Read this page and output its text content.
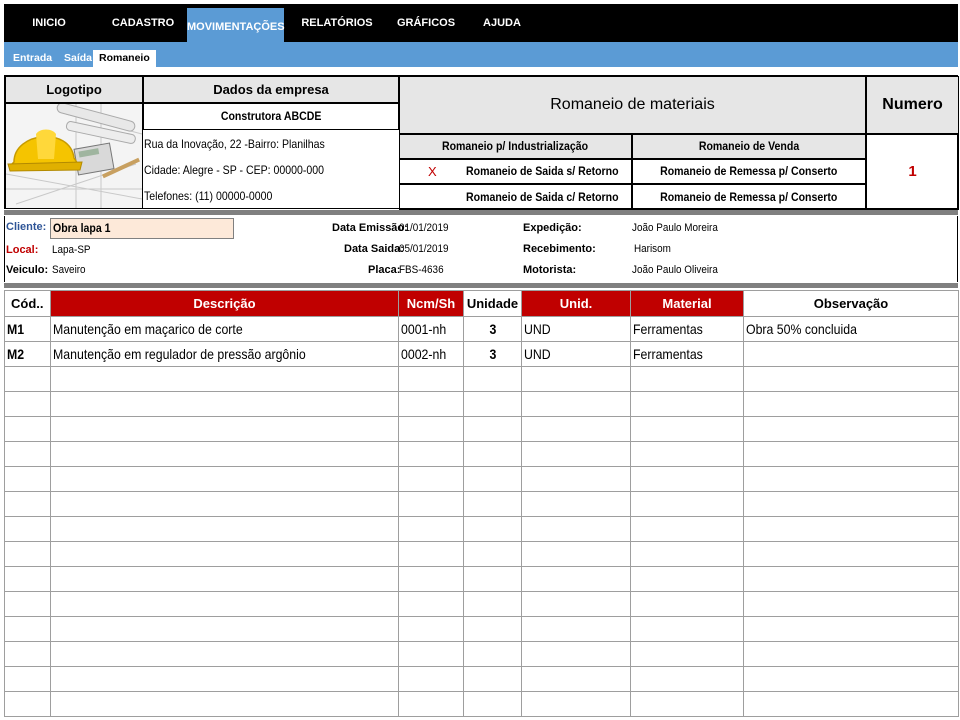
INICIO	CADASTRO	MOVIMENTAÇÕES RELATÓRIOS GRÁFICOS	AJUDA
Entrada Saída Romaneio
Logotipo	Dados da empresa
Construtora ABCDE
Rua da Inovação, 22 -Bairro: Planilhas
Cidade: Alegre - SP - CEP: 00000-000
Telefones: (11) 00000-0000
Romaneio de materiais	Numero
1
Romaneio p/ Industrialização	Romaneio de Venda
X Romaneio de Saida s/ Retorno	Romaneio de Remessa p/ Conserto
Romaneio de Saida c/ Retorno	Romaneio de Remessa p/ Conserto
Cliente: Obra lapa 1
Local: Lapa-SP
Veiculo: Saveiro
Data Emissão:
01/01/2019
Data Saida:
05/01/2019
Placa:
FBS-4636
Expedição:	João Paulo Moreira
Recebimento:	Harisom
Motorista:	João Paulo Oliveira
Cód..	Descrição	Ncm/Sh	Unidade	Unid.	Material	Observação
M1	Manutenção em maçarico de corte	0001-nh	3	UND	Ferramentas	Obra 50% concluida
M2	Manutenção em regulador de pressão argônio	0002-nh	3	UND	Ferramentas	
